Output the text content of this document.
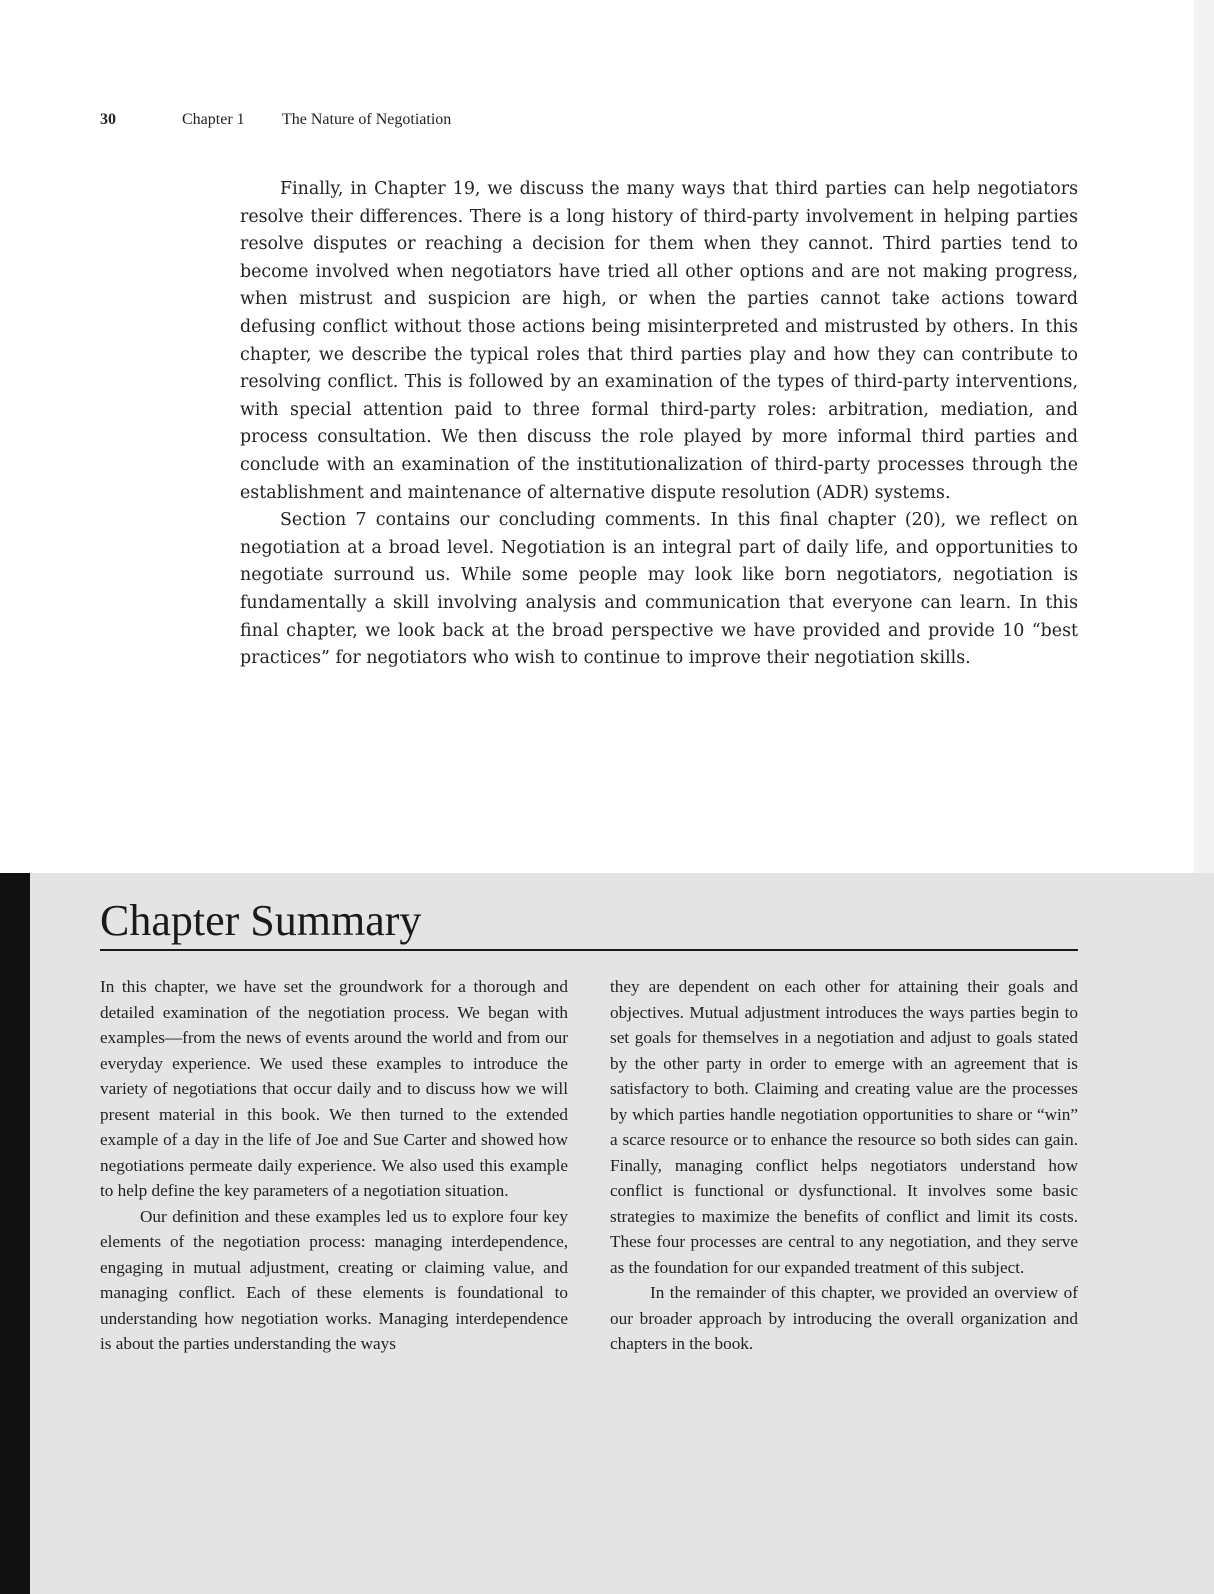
30	Chapter 1 The Nature of Negotiation

Finally, in Chapter 19, we discuss the many ways that third parties can help negotiators resolve their differences. There is a long history of third-party involvement in helping parties resolve disputes or reaching a decision for them when they cannot. Third parties tend to become involved when negotiators have tried all other options and are not making progress, when mistrust and suspicion are high, or when the parties cannot take actions toward defusing conflict without those actions being misinterpreted and mistrusted by others. In this chapter, we describe the typical roles that third parties play and how they can contribute to resolving conflict. This is followed by an examination of the types of third-party interventions, with special attention paid to three formal third-party roles: arbitration, mediation, and process consultation. We then discuss the role played by more informal third parties and conclude with an examination of the institutionalization of third-party processes through the establishment and maintenance of alternative dispute resolution (ADR) systems.

Section 7 contains our concluding comments. In this final chapter (20), we reflect on negotiation at a broad level. Negotiation is an integral part of daily life, and opportunities to negotiate surround us. While some people may look like born negotiators, negotiation is fundamentally a skill involving analysis and communication that everyone can learn. In this final chapter, we look back at the broad perspective we have provided and provide 10 “best practices” for negotiators who wish to continue to improve their negotiation skills.

Chapter Summary

In this chapter, we have set the groundwork for a thorough and detailed examination of the negotiation process. We began with examples—from the news of events around the world and from our everyday experience. We used these examples to introduce the variety of negotiations that occur daily and to discuss how we will present material in this book. We then turned to the extended example of a day in the life of Joe and Sue Carter and showed how negotiations permeate daily experience. We also used this example to help define the key parameters of a negotiation situation.

Our definition and these examples led us to explore four key elements of the negotiation process: managing interdependence, engaging in mutual adjustment, creating or claiming value, and managing conflict. Each of these elements is foundational to understanding how negotiation works. Managing interdependence is about the parties understanding the ways

they are dependent on each other for attaining their goals and objectives. Mutual adjustment introduces the ways parties begin to set goals for themselves in a negotiation and adjust to goals stated by the other party in order to emerge with an agreement that is satisfactory to both. Claiming and creating value are the processes by which parties handle negotiation opportunities to share or “win” a scarce resource or to enhance the resource so both sides can gain. Finally, managing conflict helps negotiators understand how conflict is functional or dysfunctional. It involves some basic strategies to maximize the benefits of conflict and limit its costs. These four processes are central to any negotiation, and they serve as the foundation for our expanded treatment of this subject.

In the remainder of this chapter, we provided an overview of our broader approach by introducing the overall organization and chapters in the book.
